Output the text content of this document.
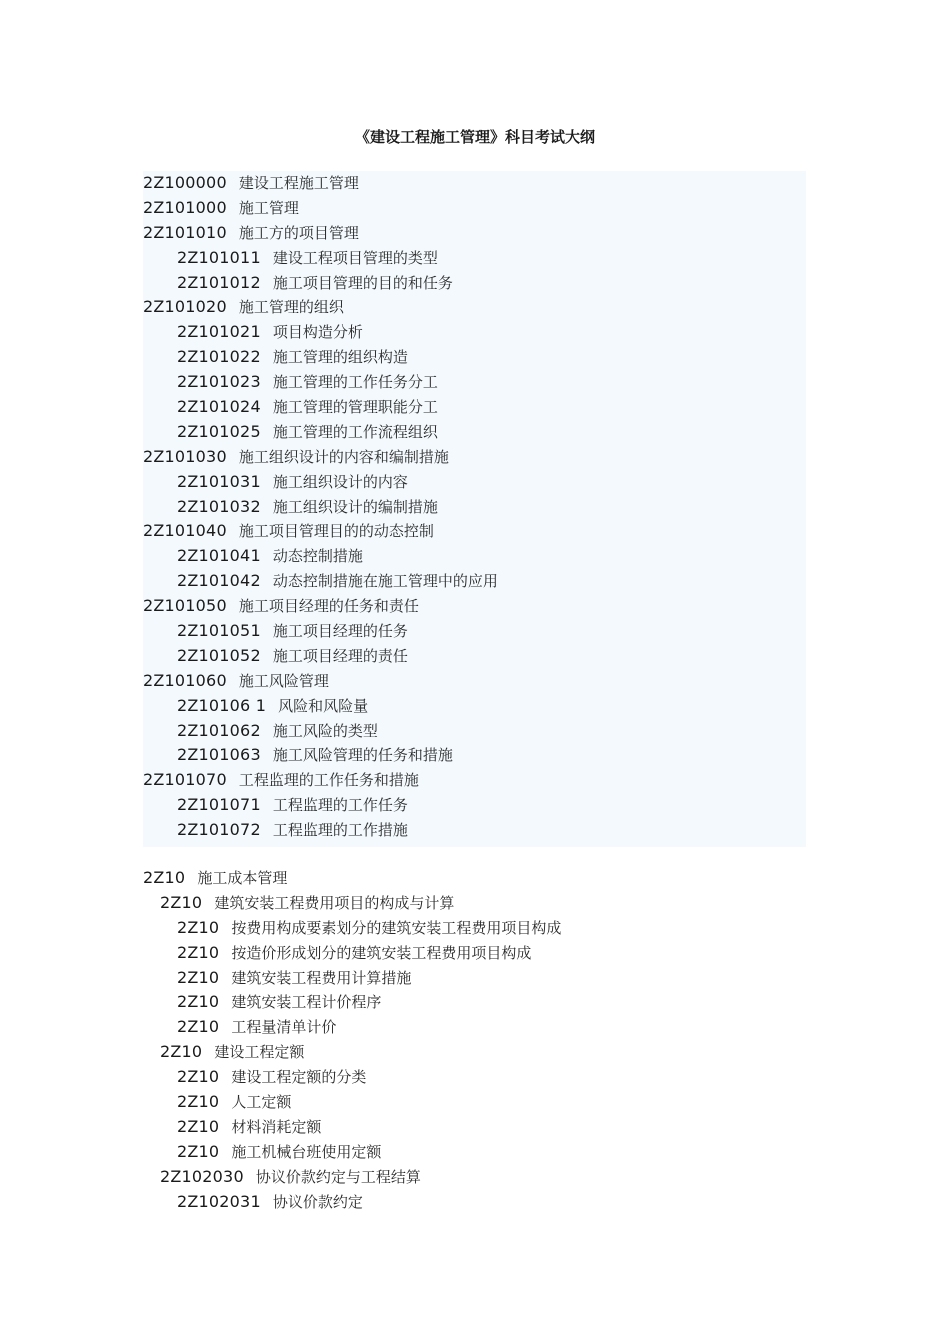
《建设工程施工管理》科目考试大纲
2Z100000 建设工程施工管理
2Z101000 施工管理
2Z101010 施工方的项目管理
2Z101011 建设工程项目管理的类型
2Z101012 施工项目管理的目的和任务
2Z101020 施工管理的组织
2Z101021 项目构造分析
2Z101022 施工管理的组织构造
2Z101023 施工管理的工作任务分工
2Z101024 施工管理的管理职能分工
2Z101025 施工管理的工作流程组织
2Z101030 施工组织设计的内容和编制措施
2Z101031 施工组织设计的内容
2Z101032 施工组织设计的编制措施
2Z101040 施工项目管理目的的动态控制
2Z101041 动态控制措施
2Z101042 动态控制措施在施工管理中的应用
2Z101050 施工项目经理的任务和责任
2Z101051 施工项目经理的任务
2Z101052 施工项目经理的责任
2Z101060 施工风险管理
2Z10106 1 风险和风险量
2Z101062 施工风险的类型
2Z101063 施工风险管理的任务和措施
2Z101070 工程监理的工作任务和措施
2Z101071 工程监理的工作任务
2Z101072 工程监理的工作措施
2Z10 施工成本管理
2Z10 建筑安装工程费用项目的构成与计算
2Z10 按费用构成要素划分的建筑安装工程费用项目构成
2Z10 按造价形成划分的建筑安装工程费用项目构成
2Z10 建筑安装工程费用计算措施
2Z10 建筑安装工程计价程序
2Z10 工程量清单计价
2Z10 建设工程定额
2Z10 建设工程定额的分类
2Z10 人工定额
2Z10 材料消耗定额
2Z10 施工机械台班使用定额
2Z102030 协议价款约定与工程结算
2Z102031 协议价款约定
